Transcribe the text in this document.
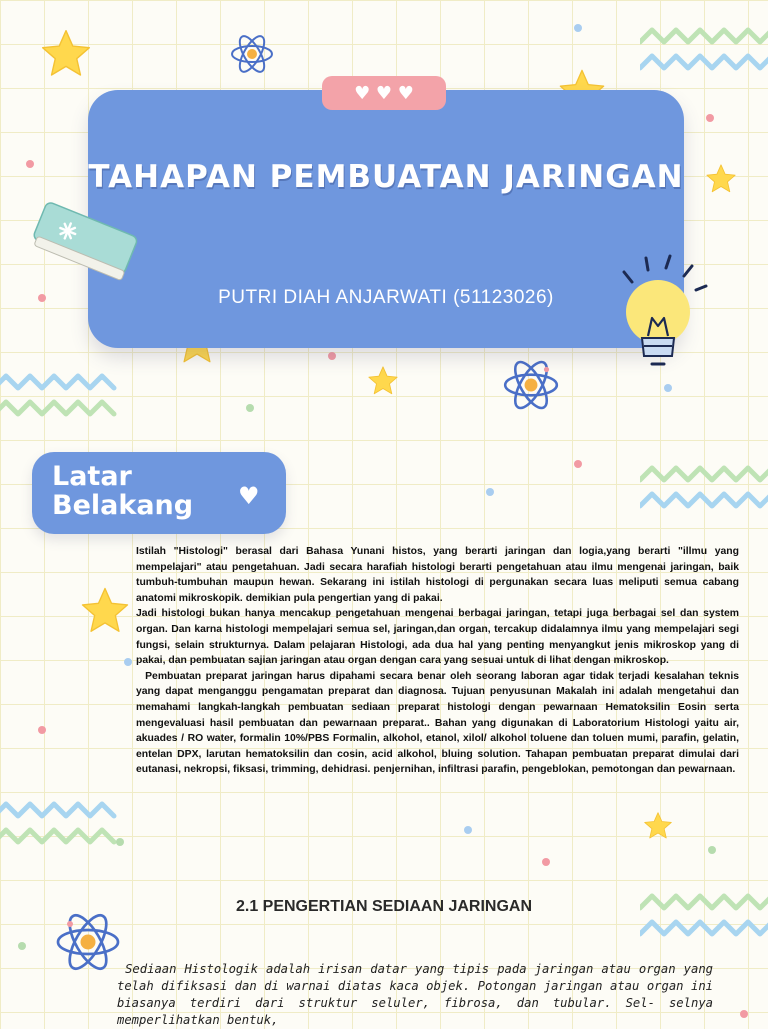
♥ ♥ ♥
TAHAPAN PEMBUATAN JARINGAN
PUTRI DIAH ANJARWATI (51123026)
Latar Belakang	♥

Istilah "Histologi" berasal dari Bahasa Yunani histos, yang berarti jaringan dan logia,yang berarti "illmu yang mempelajari" atau pengetahuan. Jadi secara harafiah histologi berarti pengetahuan atau ilmu mengenai jaringan, baik tumbuh-tumbuhan maupun hewan. Sekarang ini istilah histologi di pergunakan secara luas meliputi semua cabang anatomi mikroskopik. demikian pula pengertian yang di pakai.

Jadi histologi bukan hanya mencakup pengetahuan mengenai berbagai jaringan, tetapi juga berbagai sel dan system organ. Dan karna histologi mempelajari semua sel, jaringan,dan organ, tercakup didalamnya ilmu yang mempelajari segi fungsi, selain strukturnya. Dalam pelajaran Histologi, ada dua hal yang penting menyangkut jenis mikroskop yang di pakai, dan pembuatan sajian jaringan atau organ dengan cara yang sesuai untuk di lihat dengan mikroskop.

Pembuatan preparat jaringan harus dipahami secara benar oleh seorang laboran agar tidak terjadi kesalahan teknis yang dapat menganggu pengamatan preparat dan diagnosa. Tujuan penyusunan Makalah ini adalah mengetahui dan memahami langkah-langkah pembuatan sediaan preparat histologi dengan pewarnaan Hematoksilin Eosin serta mengevaluasi hasil pembuatan dan pewarnaan preparat.. Bahan yang digunakan di Laboratorium Histologi yaitu air, akuades / RO water, formalin 10%/PBS Formalin, alkohol, etanol, xilol/ alkohol toluene dan toluen mumi, parafin, gelatin, entelan DPX, larutan hematoksilin dan cosin, acid alkohol, bluing solution. Tahapan pembuatan preparat dimulai dari eutanasi, nekropsi, fiksasi, trimming, dehidrasi. penjernihan, infiltrasi parafin, pengeblokan, pemotongan dan pewarnaan.

2.1 PENGERTIAN SEDIAAN JARINGAN

Sediaan Histologik adalah irisan datar yang tipis pada jaringan atau organ yang telah difiksasi dan di warnai diatas kaca objek. Potongan jaringan atau organ ini biasanya terdiri dari struktur seluler, fibrosa, dan tubular. Sel- selnya memperlihatkan bentuk,
